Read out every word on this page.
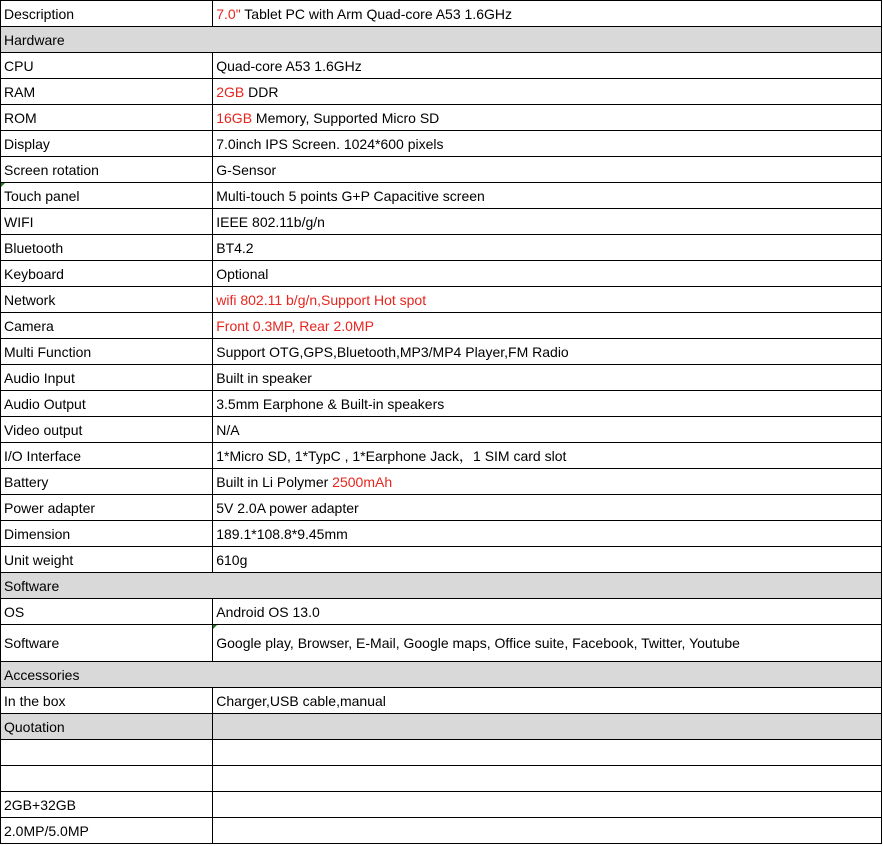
Description	7.0" Tablet PC with Arm Quad-core A53 1.6GHz
Hardware	
CPU	Quad-core A53 1.6GHz
RAM	2GB DDR
ROM	16GB Memory, Supported Micro SD
Display	7.0inch IPS Screen. 1024*600 pixels
Screen rotation	G-Sensor

Touch panel	Multi-touch 5 points G+P Capacitive screen
WIFI	IEEE 802.11b/g/n
Bluetooth	BT4.2
Keyboard	Optional
Network	wifi 802.11 b/g/n,Support Hot spot
Camera	Front 0.3MP, Rear 2.0MP
Multi Function	Support OTG,GPS,Bluetooth,MP3/MP4 Player,FM Radio
Audio Input	Built in speaker
Audio Output	3.5mm Earphone & Built-in speakers
Video output	N/A
I/O Interface	1*Micro SD, 1*TypC , 1*Earphone Jack，1 SIM card slot
Battery	Built in Li Polymer 2500mAh
Power adapter	5V 2.0A power adapter
Dimension	189.1*108.8*9.45mm
Unit weight	610g
Software	
OS	Android OS 13.0
Software	Google play, Browser, E-Mail, Google maps, Office suite, Facebook, Twitter, Youtube
Accessories	
In the box	Charger,USB cable,manual
Quotation	

2GB+32GB	
2.0MP/5.0MP	
